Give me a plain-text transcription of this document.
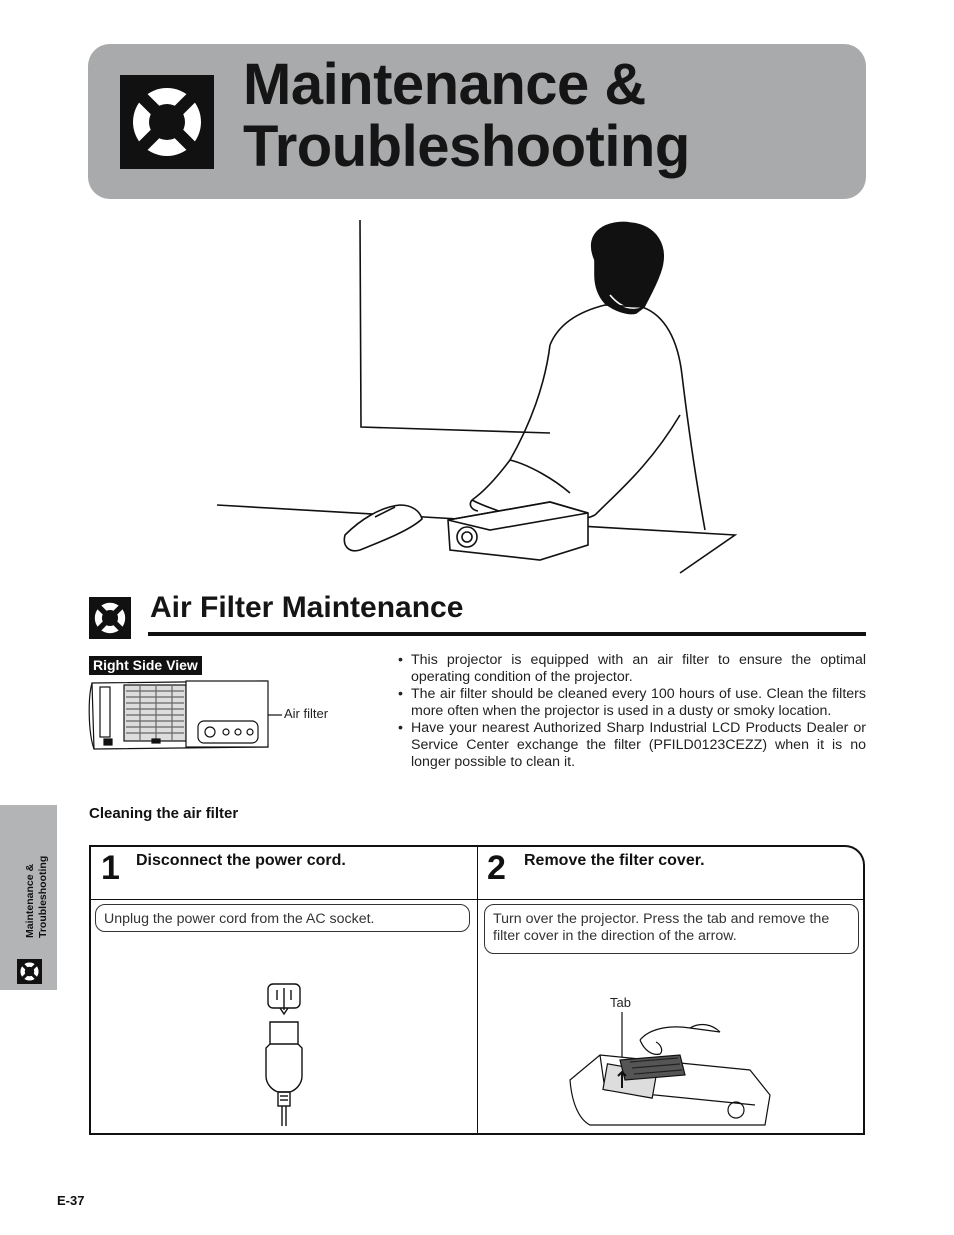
Maintenance &
Troubleshooting
Air Filter Maintenance
Right Side View
Air filter
• This projector is equipped with an air filter to ensure the optimal operating condition of the projector.
• The air filter should be cleaned every 100 hours of use. Clean the filters more often when the projector is used in a dusty or smoky location.
• Have your nearest Authorized Sharp Industrial LCD Products Dealer or Service Center exchange the filter (PFILD0123CEZZ) when it is no longer possible to clean it.
Cleaning the air filter
1 Disconnect the power cord.
Unplug the power cord from the AC socket.
2 Remove the filter cover.
Turn over the projector. Press the tab and remove the filter cover in the direction of the arrow.
Tab
Maintenance & Troubleshooting
E-37
